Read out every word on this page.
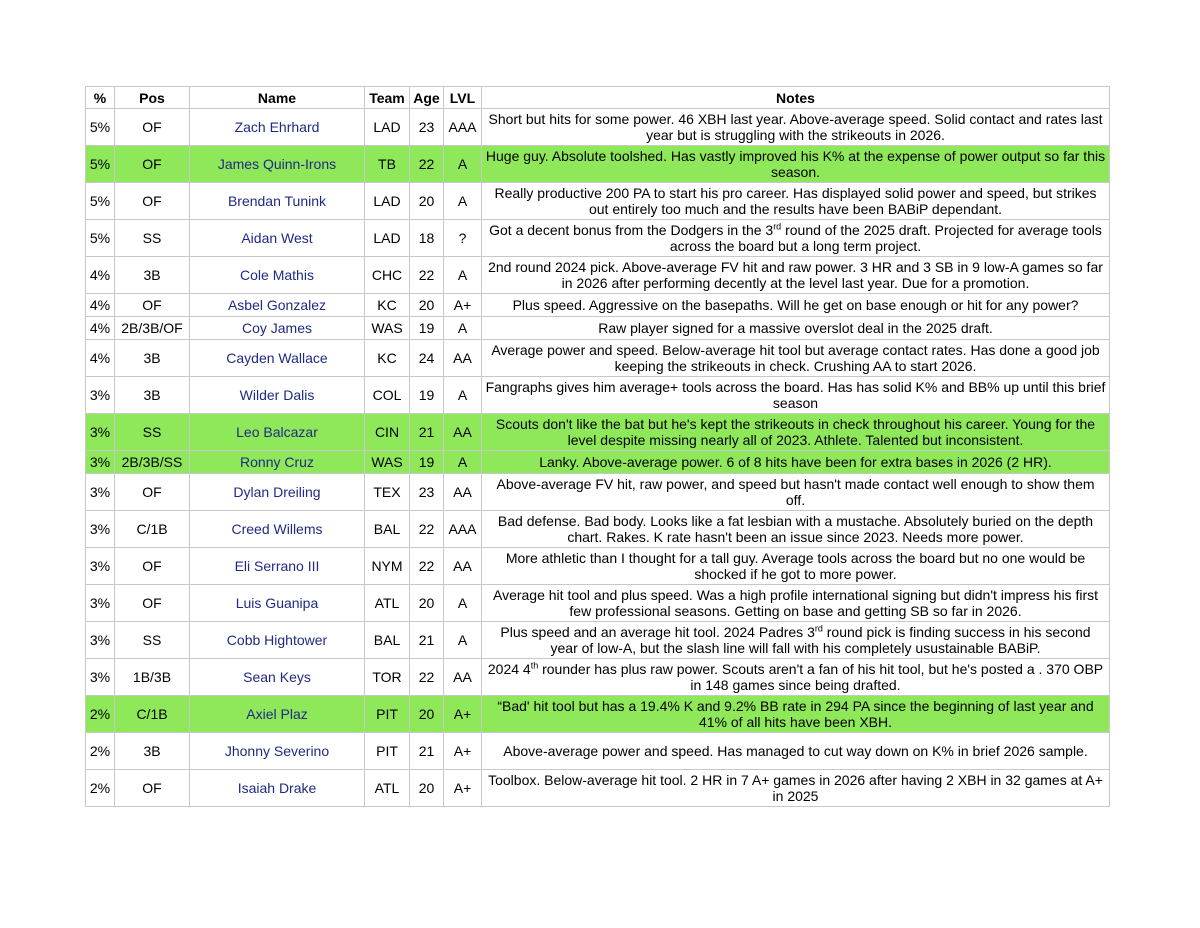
%	Pos	Name	Team	Age	LVL	Notes
5%	OF	Zach Ehrhard	LAD	23	AAA	Short but hits for some power. 46 XBH last year. Above-average speed. Solid contact and rates last year but is struggling with the strikeouts in 2026.
5%	OF	James Quinn-Irons	TB	22	A	Huge guy. Absolute toolshed. Has vastly improved his K% at the expense of power output so far this season.
5%	OF	Brendan Tunink	LAD	20	A	Really productive 200 PA to start his pro career. Has displayed solid power and speed, but strikes out entirely too much and the results have been BABiP dependant.
5%	SS	Aidan West	LAD	18	?	Got a decent bonus from the Dodgers in the 3rd round of the 2025 draft. Projected for average tools across the board but a long term project.
4%	3B	Cole Mathis	CHC	22	A	2nd round 2024 pick. Above-average FV hit and raw power. 3 HR and 3 SB in 9 low-A games so far in 2026 after performing decently at the level last year. Due for a promotion.
4%	OF	Asbel Gonzalez	KC	20	A+	Plus speed. Aggressive on the basepaths. Will he get on base enough or hit for any power?
4%	2B/3B/OF	Coy James	WAS	19	A	Raw player signed for a massive overslot deal in the 2025 draft.
4%	3B	Cayden Wallace	KC	24	AA	Average power and speed. Below-average hit tool but average contact rates. Has done a good job keeping the strikeouts in check. Crushing AA to start 2026.
3%	3B	Wilder Dalis	COL	19	A	Fangraphs gives him average+ tools across the board. Has has solid K% and BB% up until this brief season
3%	SS	Leo Balcazar	CIN	21	AA	Scouts don't like the bat but he's kept the strikeouts in check throughout his career. Young for the level despite missing nearly all of 2023. Athlete. Talented but inconsistent.
3%	2B/3B/SS	Ronny Cruz	WAS	19	A	Lanky. Above-average power. 6 of 8 hits have been for extra bases in 2026 (2 HR).
3%	OF	Dylan Dreiling	TEX	23	AA	Above-average FV hit, raw power, and speed but hasn't made contact well enough to show them off.
3%	C/1B	Creed Willems	BAL	22	AAA	Bad defense. Bad body. Looks like a fat lesbian with a mustache. Absolutely buried on the depth chart. Rakes. K rate hasn't been an issue since 2023. Needs more power.
3%	OF	Eli Serrano III	NYM	22	AA	More athletic than I thought for a tall guy. Average tools across the board but no one would be shocked if he got to more power.
3%	OF	Luis Guanipa	ATL	20	A	Average hit tool and plus speed. Was a high profile international signing but didn't impress his first few professional seasons. Getting on base and getting SB so far in 2026.
3%	SS	Cobb Hightower	BAL	21	A	Plus speed and an average hit tool. 2024 Padres 3rd round pick is finding success in his second year of low-A, but the slash line will fall with his completely usustainable BABiP.
3%	1B/3B	Sean Keys	TOR	22	AA	2024 4th rounder has plus raw power. Scouts aren't a fan of his hit tool, but he's posted a . 370 OBP in 148 games since being drafted.
2%	C/1B	Axiel Plaz	PIT	20	A+	“Bad' hit tool but has a 19.4% K and 9.2% BB rate in 294 PA since the beginning of last year and 41% of all hits have been XBH.
2%	3B	Jhonny Severino	PIT	21	A+	Above-average power and speed. Has managed to cut way down on K% in brief 2026 sample.
2%	OF	Isaiah Drake	ATL	20	A+	Toolbox. Below-average hit tool. 2 HR in 7 A+ games in 2026 after having 2 XBH in 32 games at A+ in 2025
